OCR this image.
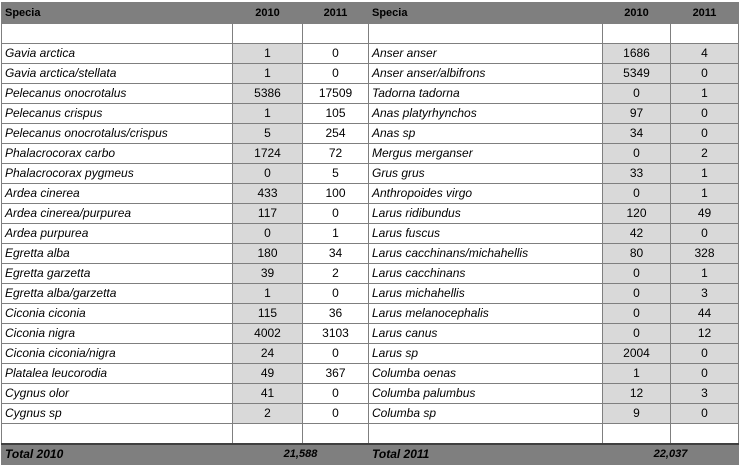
Specia	2010	2011	Specia	2010	2011

Gavia arctica	1	0	Anser anser	1686	4
Gavia arctica/stellata	1	0	Anser anser/albifrons	5349	0
Pelecanus onocrotalus	5386	17509	Tadorna tadorna	0	1
Pelecanus crispus	1	105	Anas platyrhynchos	97	0
Pelecanus onocrotalus/crispus	5	254	Anas sp	34	0
Phalacrocorax carbo	1724	72	Mergus merganser	0	2
Phalacrocorax pygmeus	0	5	Grus grus	33	1
Ardea cinerea	433	100	Anthropoides virgo	0	1
Ardea cinerea/purpurea	117	0	Larus ridibundus	120	49
Ardea purpurea	0	1	Larus fuscus	42	0
Egretta alba	180	34	Larus cacchinans/michahellis	80	328
Egretta garzetta	39	2	Larus cacchinans	0	1
Egretta alba/garzetta	1	0	Larus michahellis	0	3
Ciconia ciconia	115	36	Larus melanocephalis	0	44
Ciconia nigra	4002	3103	Larus canus	0	12
Ciconia ciconia/nigra	24	0	Larus sp	2004	0
Platalea leucorodia	49	367	Columba oenas	1	0
Cygnus olor	41	0	Columba palumbus	12	3
Cygnus sp	2	0	Columba sp	9	0

Total 2010	21,588		Total 2011	22,037	
